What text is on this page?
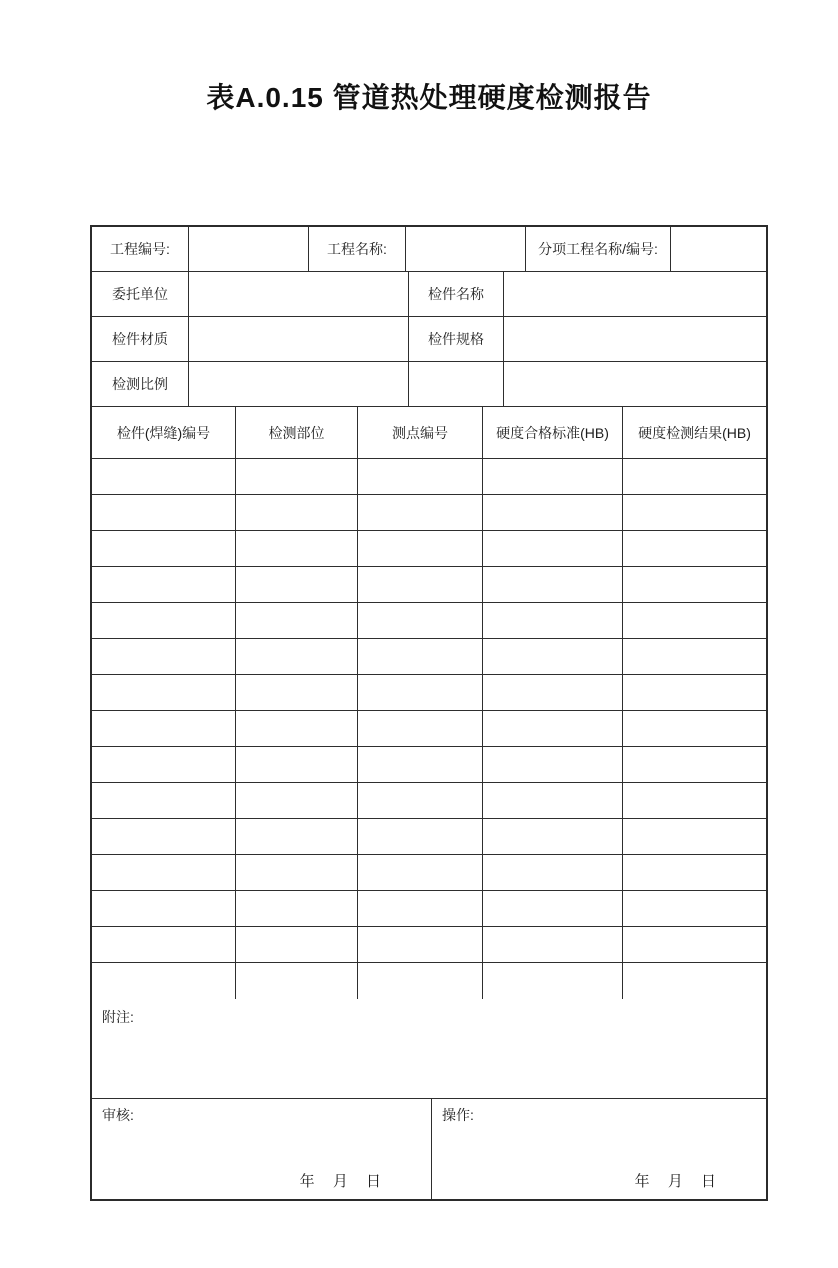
表A.0.15 管道热处理硬度检测报告
工程编号:	工程名称:	分项工程名称/编号:
委托单位	检件名称
检件材质	检件规格
检测比例
检件(焊缝)编号	检测部位	测点编号	硬度合格标准(HB)	硬度检测结果(HB)
附注:
审核:
年 月 日
操作:
年 月 日
